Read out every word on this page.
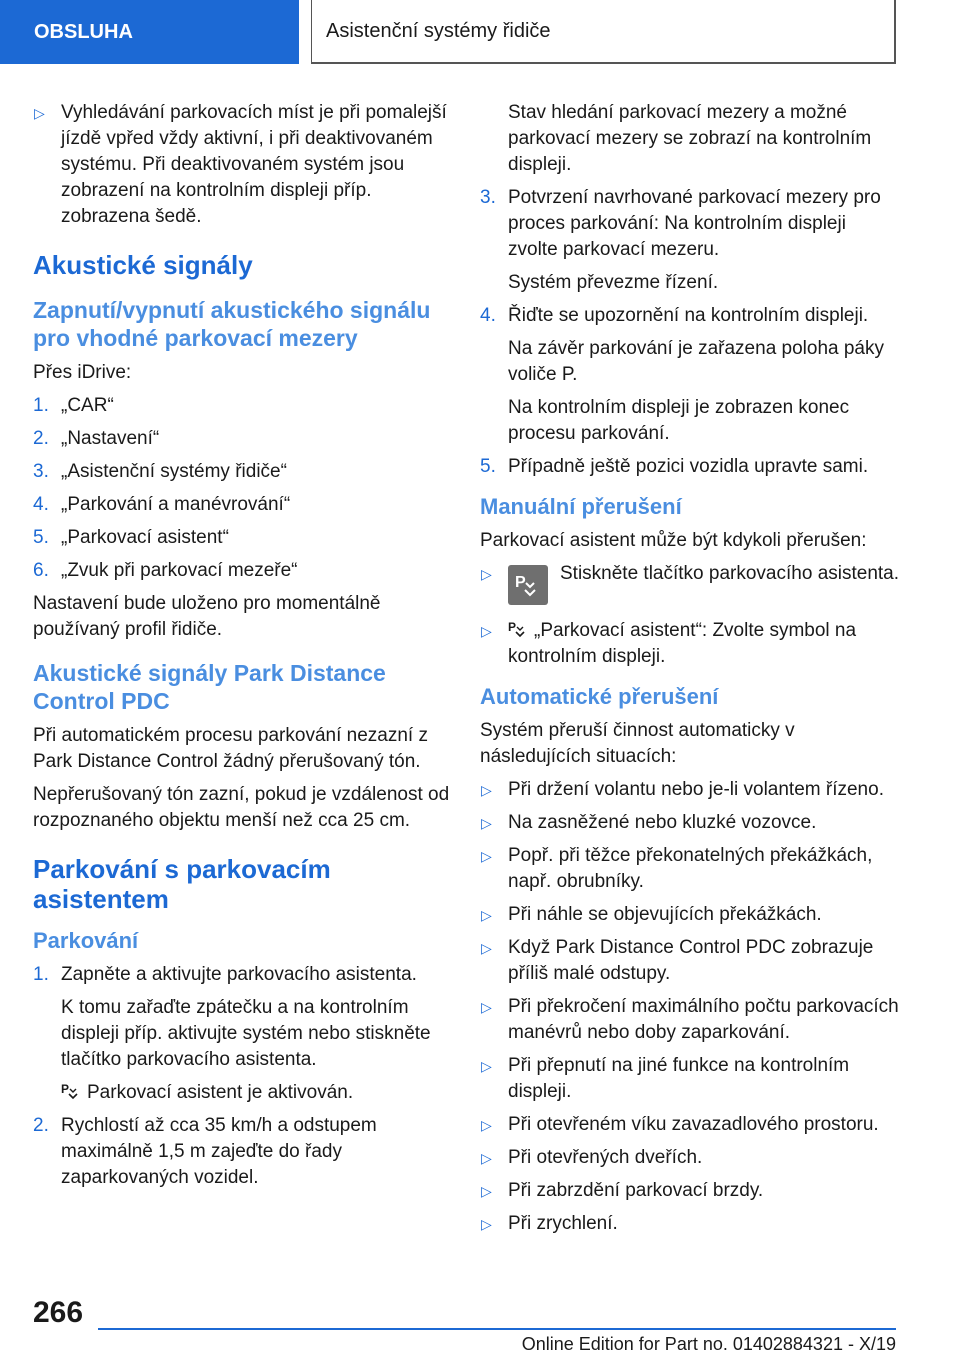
OBSLUHA	Asistenční systémy řidiče
▷ Vyhledávání parkovacích míst je při pomalejší jízdě vpřed vždy aktivní, i při deaktivovaném systému. Při deaktivovaném systém jsou zobrazení na kontrolním displeji příp. zobrazena šedě.
Akustické signály
Zapnutí/vypnutí akustického signálu pro vhodné parkovací mezery
Přes iDrive:
1. „CAR“
2. „Nastavení“
3. „Asistenční systémy řidiče“
4. „Parkování a manévrování“
5. „Parkovací asistent“
6. „Zvuk při parkovací mezeře“
Nastavení bude uloženo pro momentálně používaný profil řidiče.
Akustické signály Park Distance Control PDC
Při automatickém procesu parkování nezazní z Park Distance Control žádný přerušovaný tón.
Nepřerušovaný tón zazní, pokud je vzdálenost od rozpoznaného objektu menší než cca 25 cm.
Parkování s parkovacím asistentem
Parkování
1. Zapněte a aktivujte parkovacího asistenta.
K tomu zařaďte zpátečku a na kontrolním displeji příp. aktivujte systém nebo stiskněte tlačítko parkovacího asistenta.
P Parkovací asistent je aktivován.
2. Rychlostí až cca 35 km/h a odstupem maximálně 1,5 m zajeďte do řady zaparkovaných vozidel.
Stav hledání parkovací mezery a možné parkovací mezery se zobrazí na kontrolním displeji.
3. Potvrzení navrhované parkovací mezery pro proces parkování: Na kontrolním displeji zvolte parkovací mezeru.
Systém převezme řízení.
4. Řiďte se upozornění na kontrolním displeji.
Na závěr parkování je zařazena poloha páky voliče P.
Na kontrolním displeji je zobrazen konec procesu parkování.
5. Případně ještě pozici vozidla upravte sami.
Manuální přerušení
Parkovací asistent může být kdykoli přerušen:
▷ P Stiskněte tlačítko parkovacího asistenta.
▷ P „Parkovací asistent“: Zvolte symbol na kontrolním displeji.
Automatické přerušení
Systém přeruší činnost automaticky v následujících situacích:
▷ Při držení volantu nebo je-li volantem řízeno.
▷ Na zasněžené nebo kluzké vozovce.
▷ Popř. při těžce překonatelných překážkách, např. obrubníky.
▷ Při náhle se objevujících překážkách.
▷ Když Park Distance Control PDC zobrazuje příliš malé odstupy.
▷ Při překročení maximálního počtu parkovacích manévrů nebo doby zaparkování.
▷ Při přepnutí na jiné funkce na kontrolním displeji.
▷ Při otevřeném víku zavazadlového prostoru.
▷ Při otevřených dveřích.
▷ Při zabrzdění parkovací brzdy.
▷ Při zrychlení.
266
Online Edition for Part no. 01402884321 - X/19
